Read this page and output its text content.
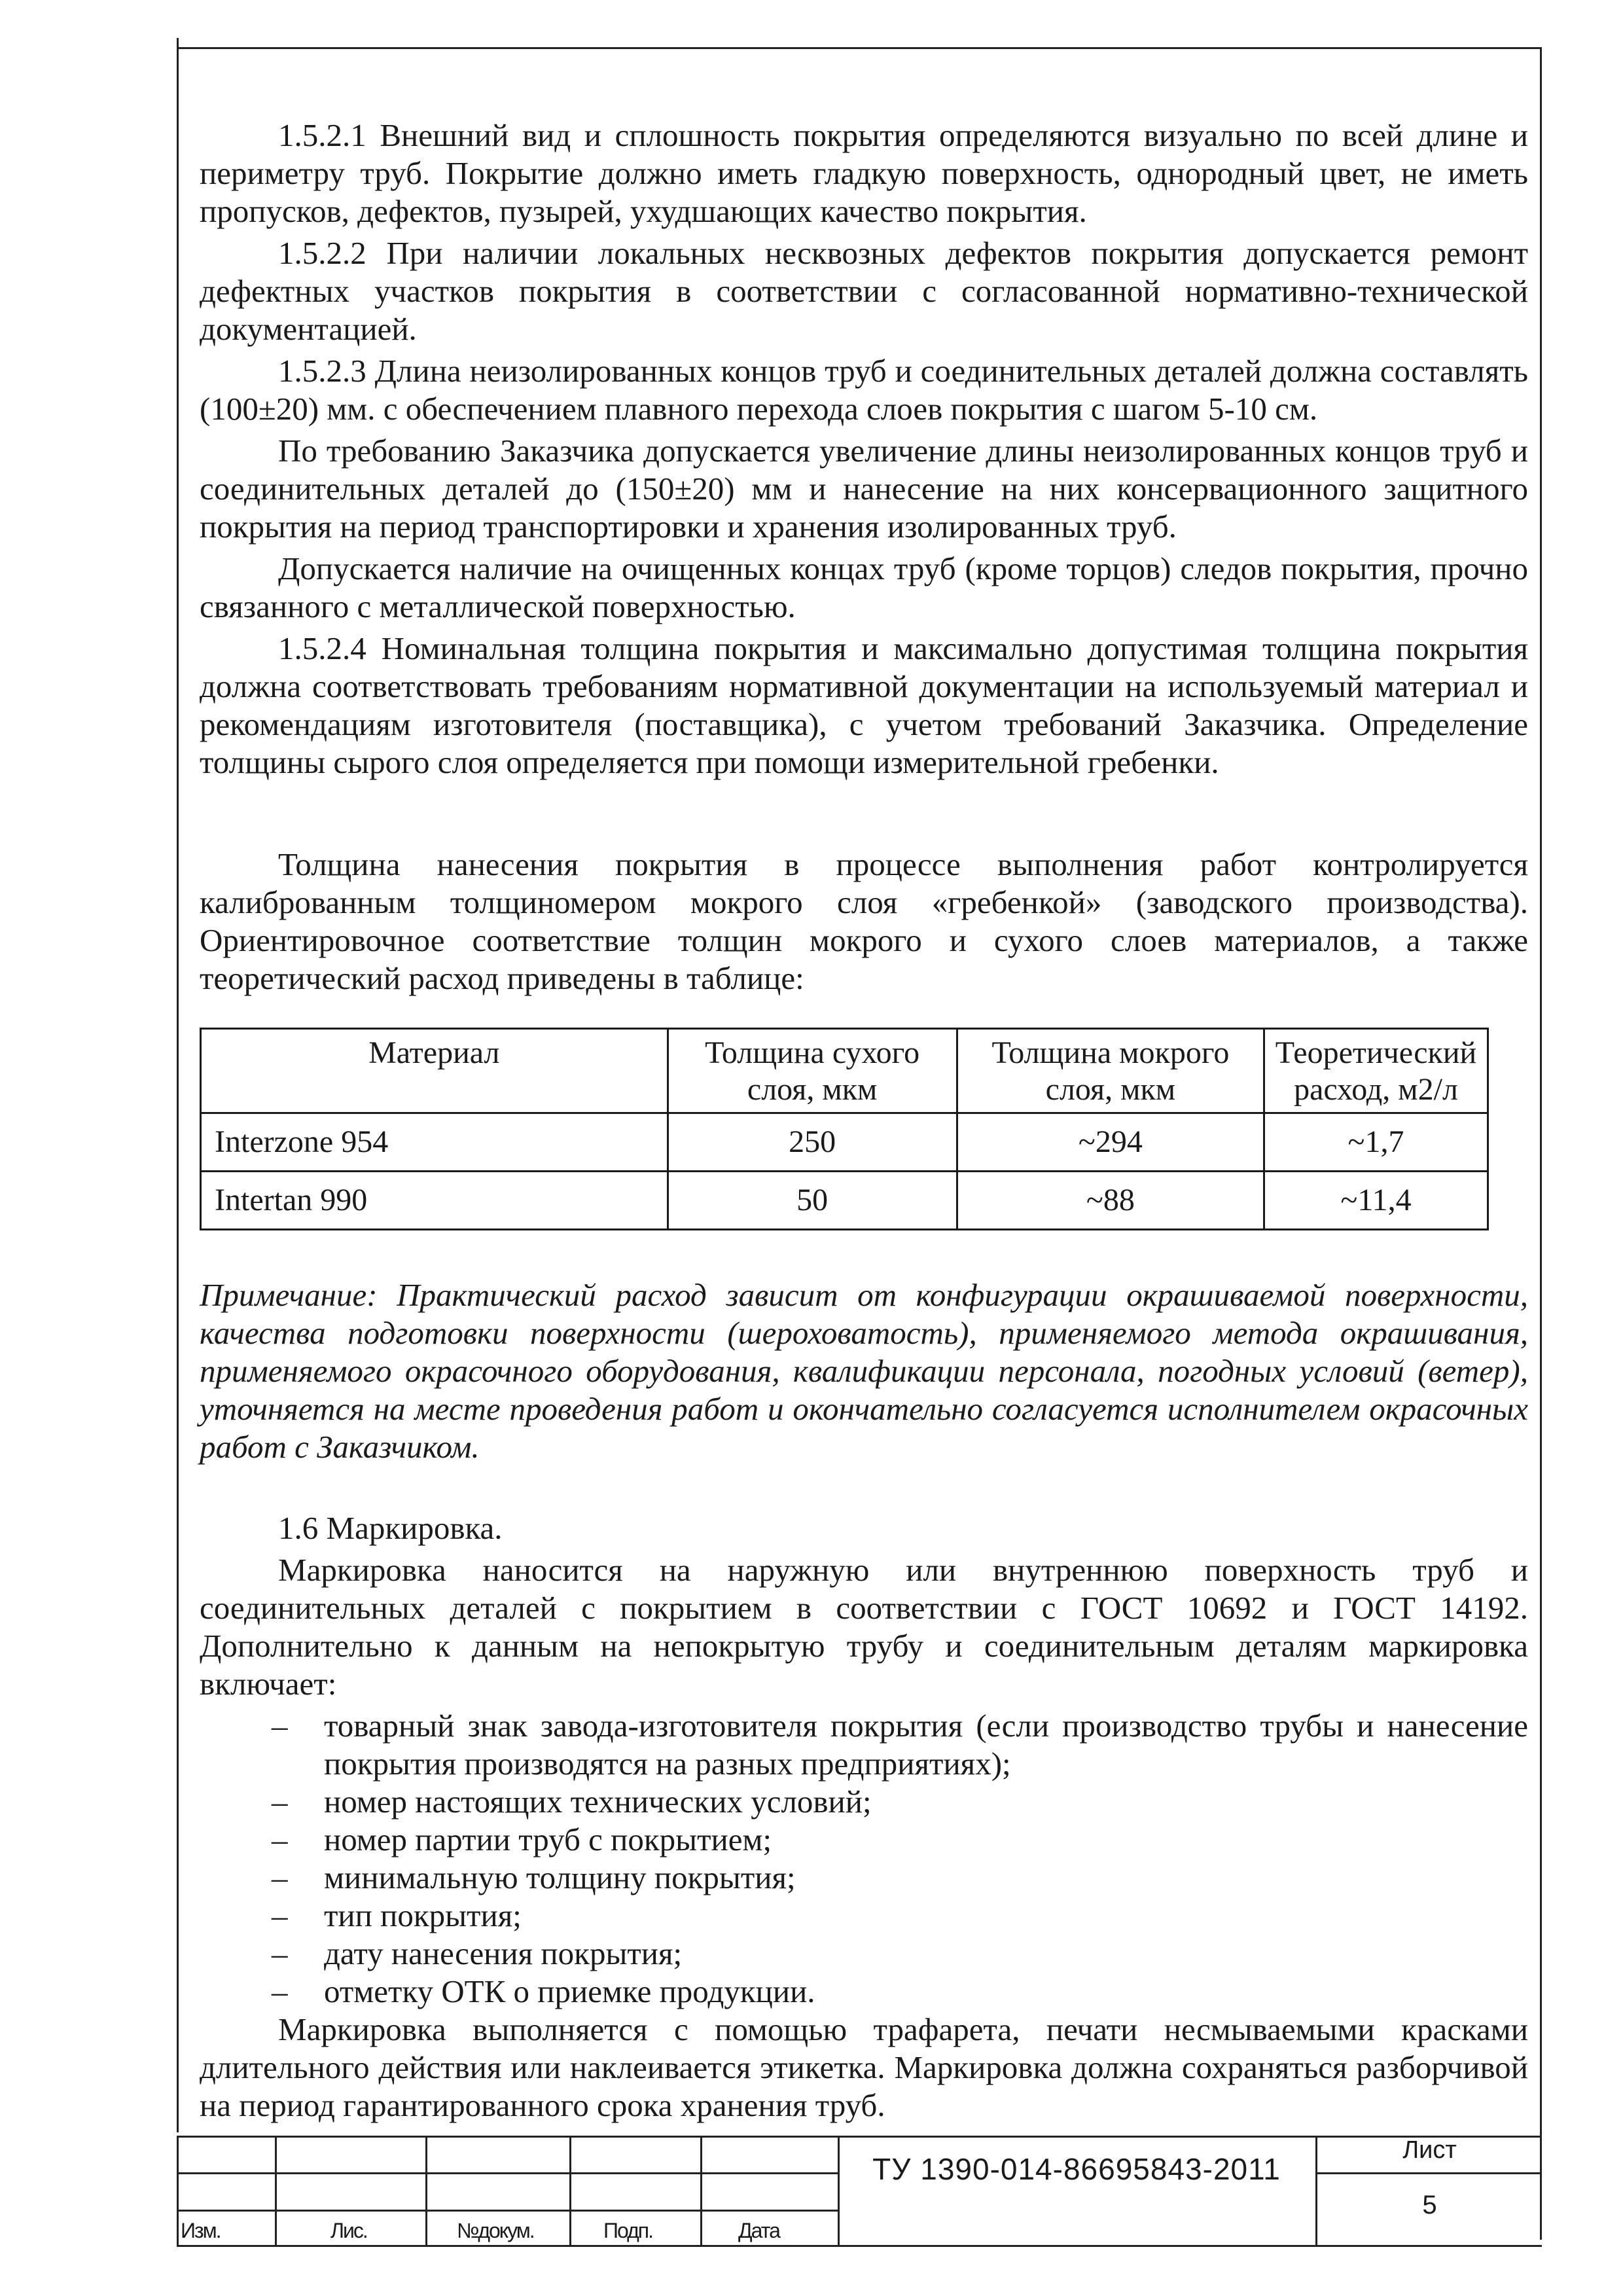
1.5.2.1 Внешний вид и сплошность покрытия определяются визуально по всей длине и периметру труб. Покрытие должно иметь гладкую поверхность, однородный цвет, не иметь пропусков, дефектов, пузырей, ухудшающих качество покрытия.

1.5.2.2 При наличии локальных несквозных дефектов покрытия допускается ремонт дефектных участков покрытия в соответствии с согласованной нормативно-технической документацией.

1.5.2.3 Длина неизолированных концов труб и соединительных деталей должна составлять (100±20) мм. с обеспечением плавного перехода слоев покрытия с шагом 5-10 см.

По требованию Заказчика допускается увеличение длины неизолированных концов труб и соединительных деталей до (150±20) мм и нанесение на них консервационного защитного покрытия на период транспортировки и хранения изолированных труб.

Допускается наличие на очищенных концах труб (кроме торцов) следов покрытия, прочно связанного с металлической поверхностью.

1.5.2.4 Номинальная толщина покрытия и максимально допустимая толщина покрытия должна соответствовать требованиям нормативной документации на используемый материал и рекомендациям изготовителя (поставщика), с учетом требований Заказчика. Определение толщины сырого слоя определяется при помощи измерительной гребенки.

Толщина нанесения покрытия в процессе выполнения работ контролируется калиброванным толщиномером мокрого слоя «гребенкой» (заводского производства). Ориентировочное соответствие толщин мокрого и сухого слоев материалов, а также теоретический расход приведены в таблице:

Материал	Толщина сухого слоя, мкм	Толщина мокрого слоя, мкм	Теоретический расход, м2/л
Interzone 954	250	~294	~1,7
Intertan 990	50	~88	~11,4

Примечание: Практический расход зависит от конфигурации окрашиваемой поверхности, качества подготовки поверхности (шероховатость), применяемого метода окрашивания, применяемого окрасочного оборудования, квалификации персонала, погодных условий (ветер), уточняется на месте проведения работ и окончательно согласуется исполнителем окрасочных работ с Заказчиком.

1.6 Маркировка.

Маркировка наносится на наружную или внутреннюю поверхность труб и соединительных деталей с покрытием в соответствии с ГОСТ 10692 и ГОСТ 14192. Дополнительно к данным на непокрытую трубу и соединительным деталям маркировка включает:

– товарный знак завода-изготовителя покрытия (если производство трубы и нанесение покрытия производятся на разных предприятиях);
– номер настоящих технических условий;
– номер партии труб с покрытием;
– минимальную толщину покрытия;
– тип покрытия;
– дату нанесения покрытия;
– отметку ОТК о приемке продукции.

Маркировка выполняется с помощью трафарета, печати несмываемыми красками длительного действия или наклеивается этикетка. Маркировка должна сохраняться разборчивой на период гарантированного срока хранения труб.

Изм.	Лис.	№докум.	Подп.	Дата
ТУ 1390-014-86695843-2011
Лист
5
